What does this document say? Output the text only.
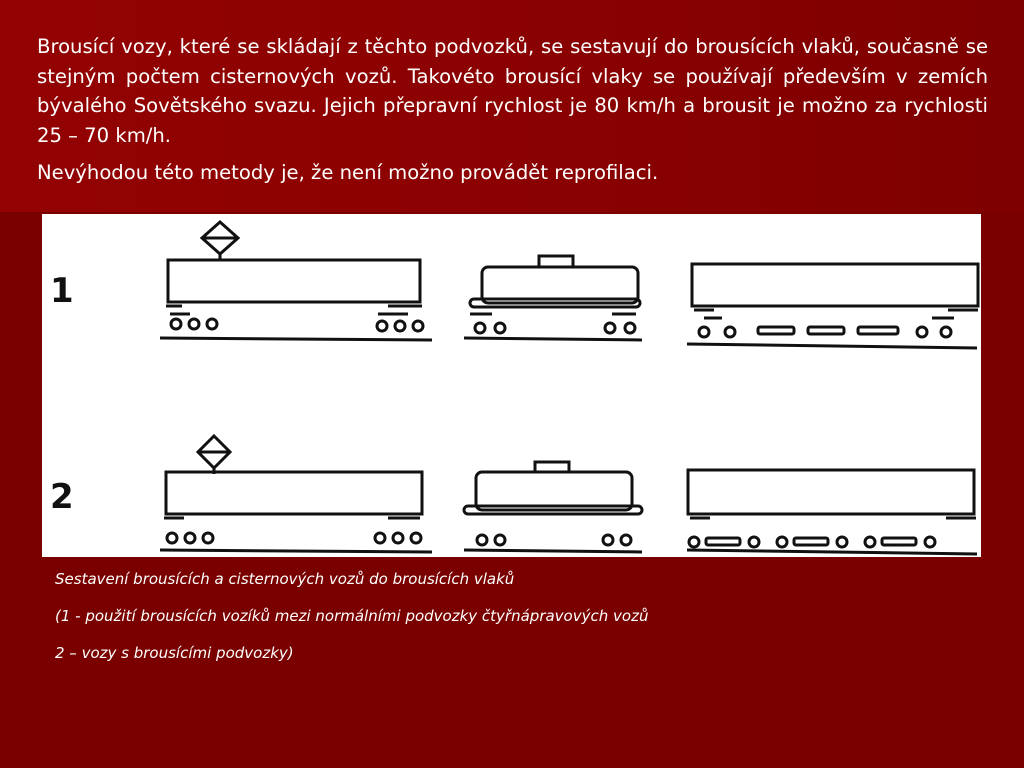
Brousící vozy, které se skládají z těchto podvozků, se sestavují do brousících vlaků, současně se stejným počtem cisternových vozů. Takovéto brousící vlaky se používají především v zemích bývalého Sovětského svazu. Jejich přepravní rychlost je 80 km/h a brousit je možno za rychlosti 25 – 70 km/h.

Nevýhodou této metody je, že není možno provádět reprofilaci.

1
2
Sestavení brousících a cisternových vozů do brousících vlaků
(1 - použití brousících vozíků mezi normálními podvozky čtyřnápravových vozů
2 – vozy s brousícími podvozky)
